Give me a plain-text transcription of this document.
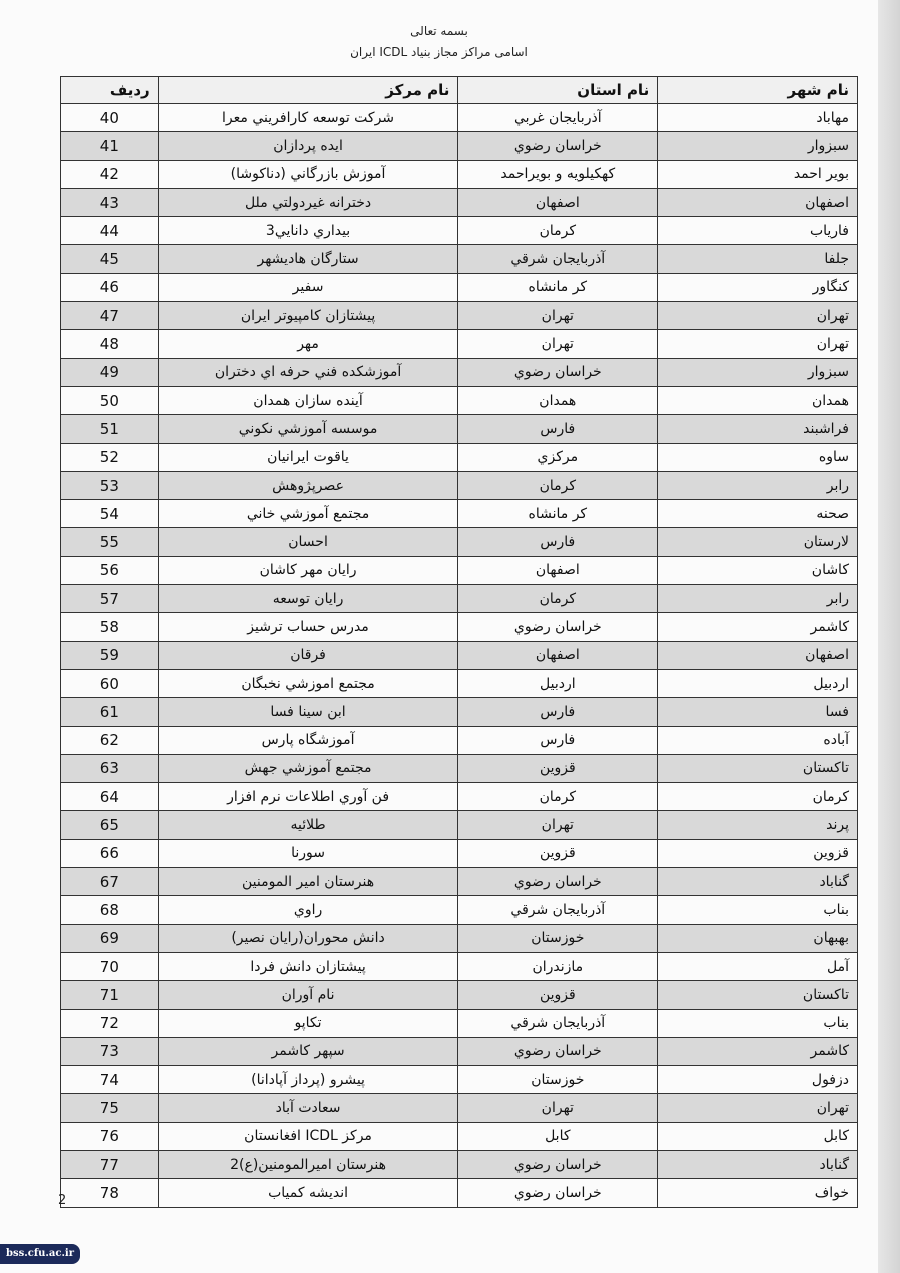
بسمه تعالی
اسامی مراکز مجاز بنیاد ICDL ایران
نام شهر	نام استان	نام مرکز	ردیف
مهاباد	آذربایجان غربي	شرکت توسعه کارافريني معرا	40
سبزوار	خراسان رضوي	ایده پردازان	41
بویر احمد	کهکیلویه و بویراحمد	آموزش بازرگاني (دناکوشا)	42
اصفهان	اصفهان	دخترانه غیردولتي ملل	43
فارياب	کرمان	بيداري دانايي3	44
جلفا	آذربايجان شرقي	ستارگان هاديشهر	45
کنگاور	کر مانشاه	سفير	46
تهران	تهران	پيشتازان کامپيوتر ايران	47
تهران	تهران	مهر	48
سبزوار	خراسان رضوي	آموزشکده فني حرفه اي دختران	49
همدان	همدان	آينده سازان همدان	50
فراشبند	فارس	موسسه آموزشي نكوني	51
ساوه	مرکزي	ياقوت ايرانيان	52
رابر	کرمان	عصرپژوهش	53
صحنه	کر مانشاه	مجتمع آموزشي خاني	54
لارستان	فارس	احسان	55
کاشان	اصفهان	رايان مهر كاشان	56
رابر	کرمان	رايان توسعه	57
كاشمر	خراسان رضوي	مدرس حساب ترشيز	58
اصفهان	اصفهان	فرقان	59
اردبيل	اردبيل	مجتمع اموزشي نخبگان	60
فسا	فارس	ابن سينا فسا	61
آباده	فارس	آموزشگاه پارس	62
تاکستان	قزوين	مجتمع آموزشي جهش	63
كرمان	کرمان	فن آوري اطلاعات نرم افزار	64
پرند	تهران	طلائيه	65
قزوين	قزوين	سورنا	66
گناباد	خراسان رضوي	هنرستان امير المومنين	67
بناب	آذربايجان شرقي	راوي	68
بهبهان	خوزستان	دانش محوران(رايان نصير)	69
آمل	مازندران	پيشتازان دانش فردا	70
تاكستان	قزوين	نام آوران	71
بناب	آذربايجان شرقي	تكاپو	72
كاشمر	خراسان رضوي	سپهر كاشمر	73
دزفول	خوزستان	پيشرو (پرداز آپادانا)	74
تهران	تهران	سعادت آباد	75
کابل	کابل	مرکز ICDL افغانستان	76
گناباد	خراسان رضوي	هنرستان اميرالمومنين(ع)2	77
خواف	خراسان رضوي	انديشه كمياب	78
2
bss.cfu.ac.ir
